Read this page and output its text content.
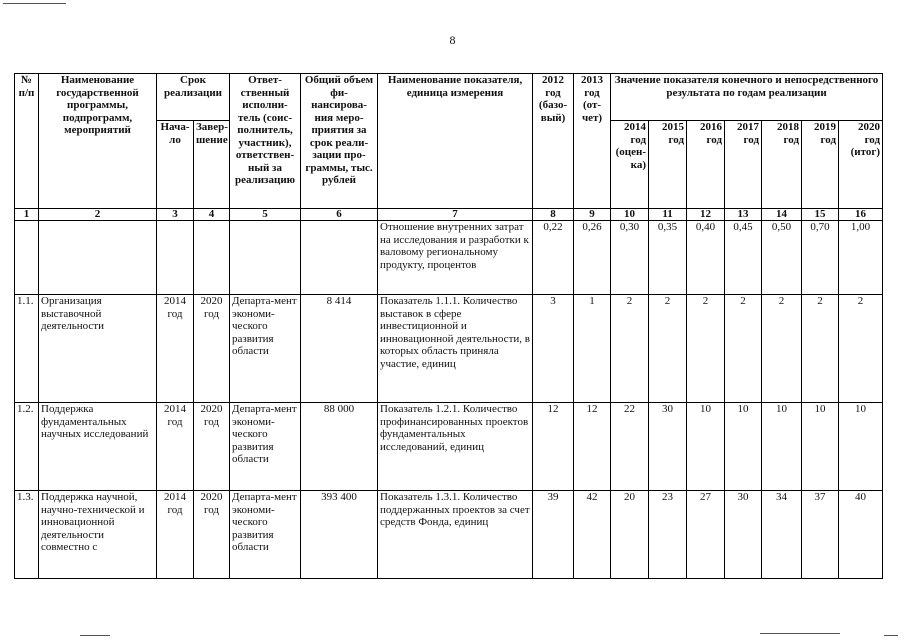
8
№ п/п	Наименование государственной программы, подпрограмм, мероприятий	Срок реализации		Ответ-ственный исполни-тель (соис-полнитель, участник), ответствен-ный за реализацию	Общий объем фи-нансирова-ния меро-приятия за срок реали-зации про-граммы, тыс. рублей	Наименование показателя, единица измерения	2012 год (базо-вый)	2013 год (от-чет)	Значение показателя конечного и непосредственного результата по годам реализации						
		Нача-ло	Завер-шение						2014 год (оцен-ка)	2015 год	2016 год	2017 год	2018 год	2019 год	2020 год (итог)
1	2	3	4	5	6	7	8	9	10	11	12	13	14	15	16
						Отношение внутренних затрат на исследования и разработки к валовому региональному продукту, процентов	0,22	0,26	0,30	0,35	0,40	0,45	0,50	0,70	1,00
1.1.	Организация выставочной деятельности	2014 год	2020 год	Департа-мент экономи-ческого развития области	8 414	Показатель 1.1.1. Количество выставок в сфере инвестиционной и инновационной деятельности, в которых область приняла участие, единиц	3	1	2	2	2	2	2	2	2
1.2.	Поддержка фундаментальных научных исследований	2014 год	2020 год	Департа-мент экономи-ческого развития области	88 000	Показатель 1.2.1. Количество профинансированных проектов фундаментальных исследований, единиц	12	12	22	30	10	10	10	10	10
1.3.	Поддержка научной, научно-технической и инновационной деятельности совместно с	2014 год	2020 год	Департа-мент экономи-ческого развития области	393 400	Показатель 1.3.1. Количество поддержанных проектов за счет средств Фонда, единиц	39	42	20	23	27	30	34	37	40
